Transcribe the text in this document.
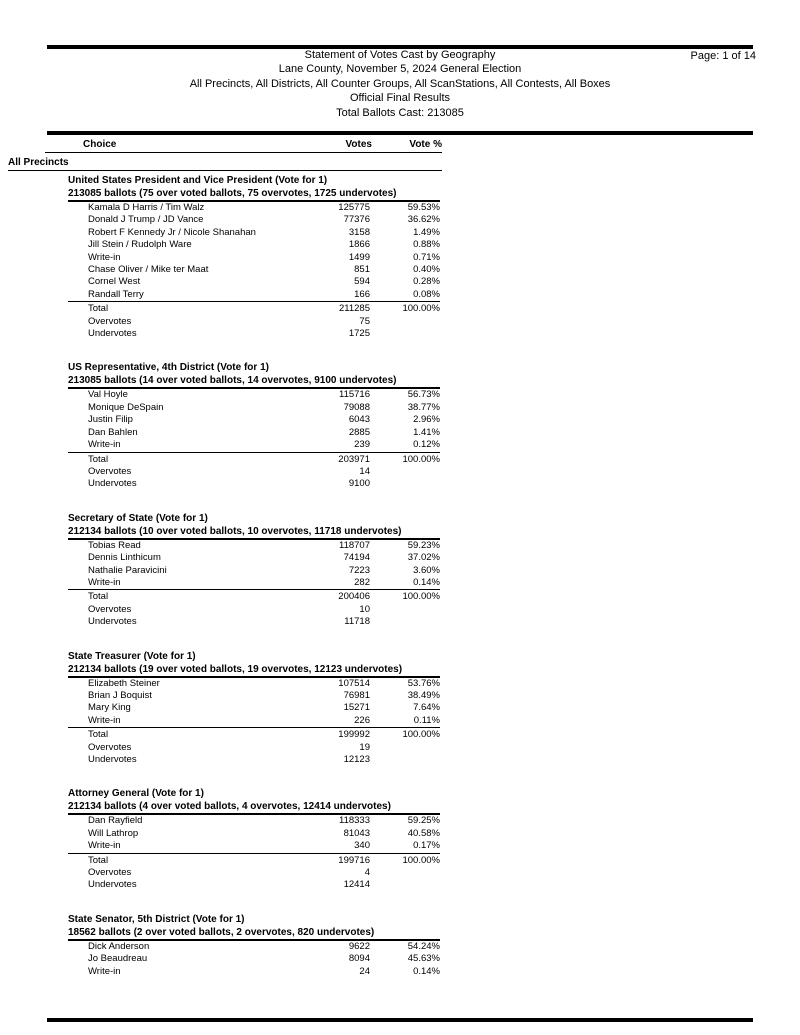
Statement of Votes Cast by Geography
Lane County, November 5, 2024 General Election
All Precincts, All Districts, All Counter Groups, All ScanStations, All Contests, All Boxes
Official Final Results
Total Ballots Cast: 213085
Page: 1 of 14
Choice	Votes	Vote %
All Precincts
United States President and Vice President (Vote for 1)
213085 ballots (75 over voted ballots, 75 overvotes, 1725 undervotes)
Kamala D Harris / Tim Walz	125775	59.53%
Donald J Trump / JD Vance	77376	36.62%
Robert F Kennedy Jr / Nicole Shanahan	3158	1.49%
Jill Stein / Rudolph Ware	1866	0.88%
Write-in	1499	0.71%
Chase Oliver / Mike ter Maat	851	0.40%
Cornel West	594	0.28%
Randall Terry	166	0.08%
Total	211285	100.00%
Overvotes	75
Undervotes	1725
US Representative, 4th District (Vote for 1)
213085 ballots (14 over voted ballots, 14 overvotes, 9100 undervotes)
Val Hoyle	115716	56.73%
Monique DeSpain	79088	38.77%
Justin Filip	6043	2.96%
Dan Bahlen	2885	1.41%
Write-in	239	0.12%
Total	203971	100.00%
Overvotes	14
Undervotes	9100
Secretary of State (Vote for 1)
212134 ballots (10 over voted ballots, 10 overvotes, 11718 undervotes)
Tobias Read	118707	59.23%
Dennis Linthicum	74194	37.02%
Nathalie Paravicini	7223	3.60%
Write-in	282	0.14%
Total	200406	100.00%
Overvotes	10
Undervotes	11718
State Treasurer (Vote for 1)
212134 ballots (19 over voted ballots, 19 overvotes, 12123 undervotes)
Elizabeth Steiner	107514	53.76%
Brian J Boquist	76981	38.49%
Mary King	15271	7.64%
Write-in	226	0.11%
Total	199992	100.00%
Overvotes	19
Undervotes	12123
Attorney General (Vote for 1)
212134 ballots (4 over voted ballots, 4 overvotes, 12414 undervotes)
Dan Rayfield	118333	59.25%
Will Lathrop	81043	40.58%
Write-in	340	0.17%
Total	199716	100.00%
Overvotes	4
Undervotes	12414
State Senator, 5th District (Vote for 1)
18562 ballots (2 over voted ballots, 2 overvotes, 820 undervotes)
Dick Anderson	9622	54.24%
Jo Beaudreau	8094	45.63%
Write-in	24	0.14%
